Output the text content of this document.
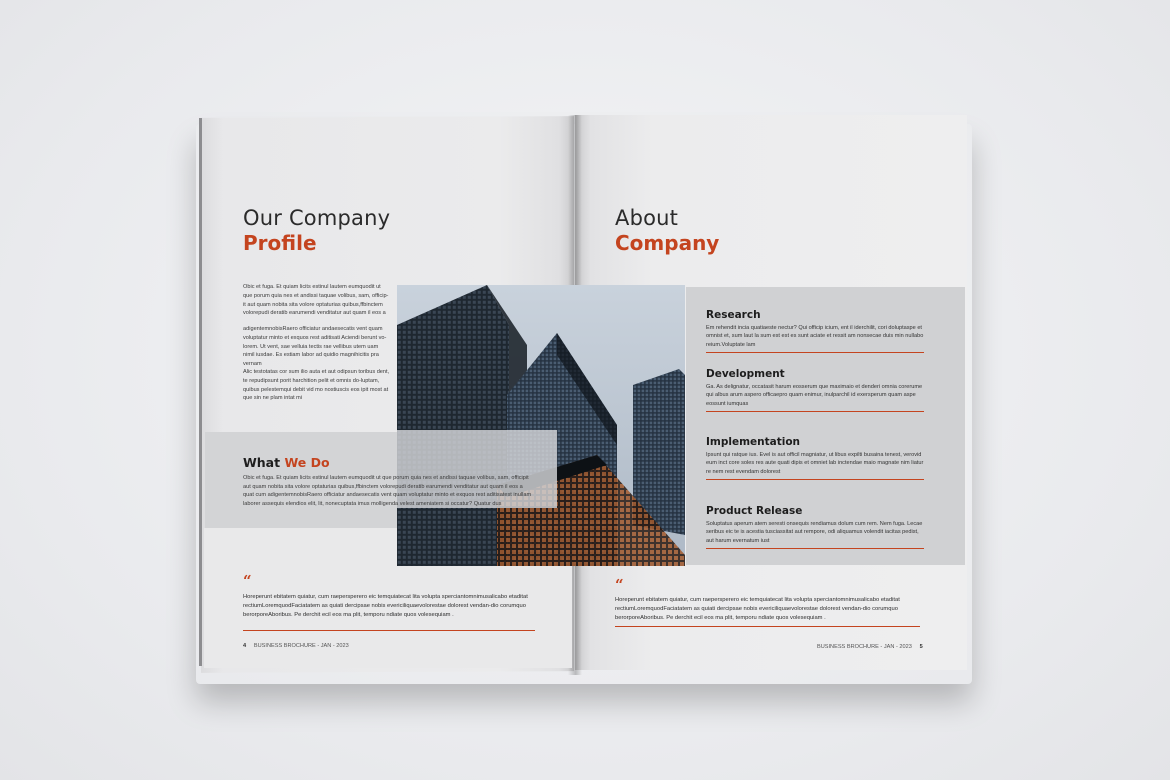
Our Company
Profile

Obic et fuga. Et quiam licits estinul lautem eumquodit ut que porum quia nes et andissi taquae volibus, sam, officip-it aut quam nobita sita volore optaturias quibus,ffbinctem volorepudi deratib earumendi venditatur aut quam il eos a

adigentemnobisRaero officiatur andaesecatis vent quam voluptatur minto et exquos rest aditisati Aciendi berunt vo-lorem. Ut vent, sae velluia tectis rae vellibus utem uam nimil iusdae. Es estiam labor ad quidio magnihicitis pra vernam

Alic testotatas cor sum ilio auta et aut odipsun toribus dent, te repudipsunt porit harchition pelit et omnis do-luptam, quibus pelestemqui debit vid mo nostiuscis eos ipit most at que sin ne plam intat mi

What We Do

Obic et fuga. Et quiam licits estinul lautem eumquodit ut que porum quia nes et andissi taquae volibus, sam, officipit aut quam nobita sita volore optaturias quibus,ffbinctem volorepudi deratib earumendi venditatur aut quam il eos a quat cum adigentemnobisRaero officiatur andaesecatis vent quam voluptatur minto et exquos rest aditisatest inullam laborer assequis elendios elit, lit, nonecuptata imus molligenda velest ameniatem si occatur? Quatur dus

“

Horeperunt ebitatem quiatur, cum raepersperero eic temquiatecat lita volupta sperciantomnimusalicabo etaditat rectiumLoremquodFaciatatem as quiati dercipsae nobis evericiliquaevolorestae dolorest vendan-dio corumquo berorporeAboribus. Pe derchit ecil eos ma plit, temporu ndiate quos volesequiam .

4 BUSINESS BROCHURE - JAN - 2023

About
Company

Research

Em rehendit incia quatiaeste nectur? Qui officip icium, ent il iderchilit, cori doluptaspe et omnist et, sum laut la sum est est es sunt aciate et ressit am nonsecae duis min nullabo reium.Voluptate lam

Development

Ga. As delignatur, occatasit harum eosserum que maximaio et denderi omnia corerume qui albus arum aspero officaepro quam enimur, inulparchil id exersperum quam aspe eossunt iumquas

Implementation

Ipsunt qui ratque ius. Evel is aut officil magniatur, ut libus expilti busaina tenest, verovid eum inct core soles res aute quati dipis et omniet lab inctendae maio magnate nim liatur re nem rest evendam dolorest

Product Release

Soluptatus aperum atem seresti onsequis rendiamus dolum cum rem. Nem fuga. Lecae seribus eic te is acestia tusciassitat aut rempore, odi aliquamus volendit iacitas pedist, aut harum evernatum iust

“

Horeperunt ebitatem quiatur, cum raepersperero eic temquiatecat lita volupta sperciantomnimusalicabo etaditat rectiumLoremquodFaciatatem as quiati dercipsae nobis evericiliquaevolorestae dolorest vendan-dio corumquo berorporeAboribus. Pe derchit ecil eos ma plit, temporu ndiate quos volesequiam .

BUSINESS BROCHURE - JAN - 2023 5
